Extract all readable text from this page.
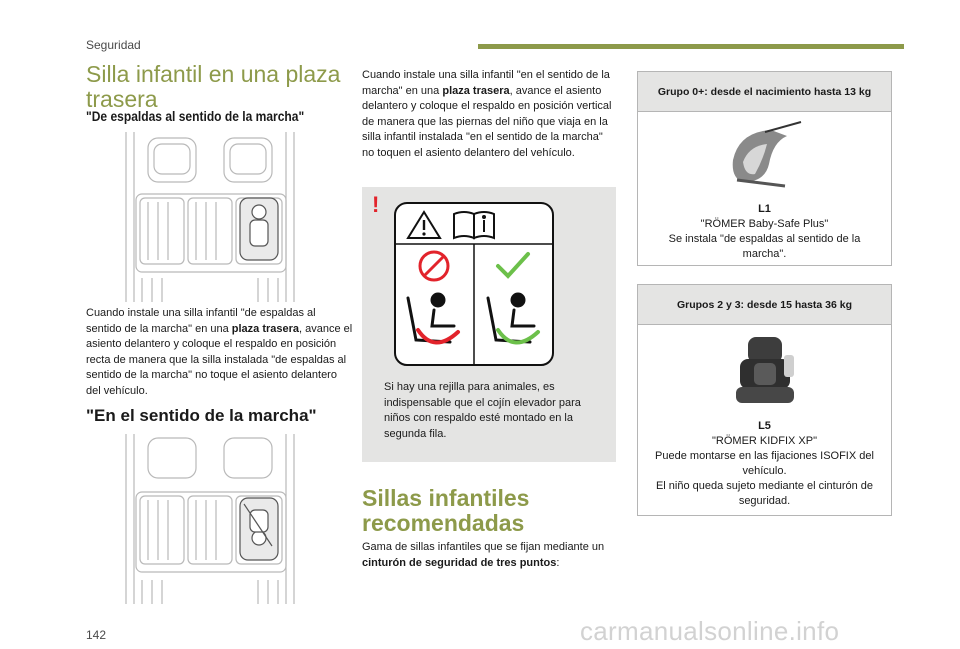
Seguridad
Silla infantil en una plaza trasera
"De espaldas al sentido de la marcha"

Cuando instale una silla infantil "de espaldas al sentido de la marcha" en una plaza trasera, avance el asiento delantero y coloque el respaldo en posición recta de manera que la silla instalada "de espaldas al sentido de la marcha" no toque el asiento delantero del vehículo.

"En el sentido de la marcha"

Cuando instale una silla infantil "en el sentido de la marcha" en una plaza trasera, avance el asiento delantero y coloque el respaldo en posición vertical de manera que las piernas del niño que viaja en la silla infantil instalada "en el sentido de la marcha" no toquen el asiento delantero del vehículo.

!

Si hay una rejilla para animales, es indispensable que el cojín elevador para niños con respaldo esté montado en la segunda fila.

Sillas infantiles recomendadas

Gama de sillas infantiles que se fijan mediante un cinturón de seguridad de tres puntos:

Grupo 0+: desde el nacimiento hasta 13 kg
L1
"RÖMER Baby-Safe Plus"
Se instala "de espaldas al sentido de la marcha".
Grupos 2 y 3: desde 15 hasta 36 kg
L5
"RÖMER KIDFIX XP"
Puede montarse en las fijaciones ISOFIX del vehículo.
El niño queda sujeto mediante el cinturón de seguridad.
142	carmanualsonline.info
